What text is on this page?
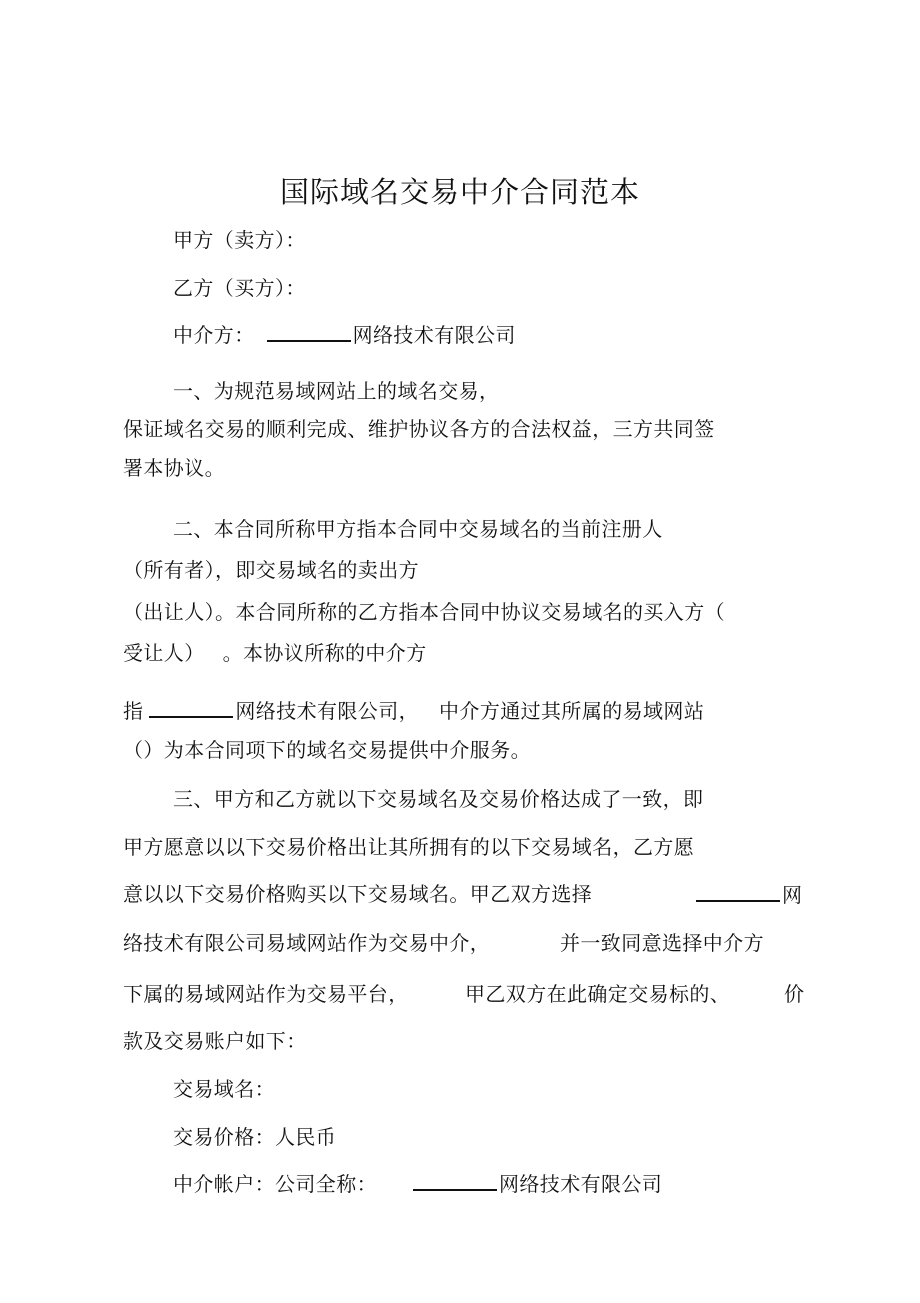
国际域名交易中介合同范本
甲方（卖方）：
乙方（买方）：
中介方：	网络技术有限公司
一、为规范易域网站上的域名交易，
保证域名交易的顺利完成、维护协议各方的合法权益，三方共同签
署本协议。
二、本合同所称甲方指本合同中交易域名的当前注册人
（所有者），即交易域名的卖出方
（出让人）。本合同所称的乙方指本合同中协议交易域名的买入方（
受让人） 。本协议所称的中介方
指	网络技术有限公司， 中介方通过其所属的易域网站
（）为本合同项下的域名交易提供中介服务。
三、甲方和乙方就以下交易域名及交易价格达成了一致，即
甲方愿意以以下交易价格出让其所拥有的以下交易域名，乙方愿
意以以下交易价格购买以下交易域名。甲乙双方选择	网
络技术有限公司易域网站作为交易中介，	并一致同意选择中介方
下属的易域网站作为交易平台，	甲乙双方在此确定交易标的、	价
款及交易账户如下：
交易域名：
交易价格：人民币
中介帐户：公司全称：	网络技术有限公司
